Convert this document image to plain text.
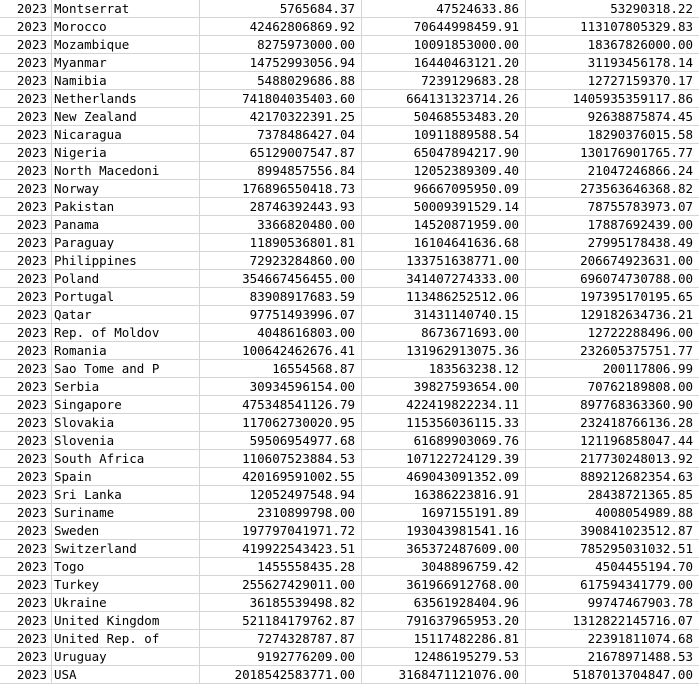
2023 Montserrat	5765684.37	47524633.86	53290318.22
2023 Morocco	42462806869.92	70644998459.91	113107805329.83
2023 Mozambique	8275973000.00	10091853000.00	18367826000.00
2023 Myanmar	14752993056.94	16440463121.20	31193456178.14
2023 Namibia	5488029686.88	7239129683.28	12727159370.17
2023 Netherlands	741804035403.60	664131323714.26	1405935359117.86
2023 New Zealand	42170322391.25	50468553483.20	92638875874.45
2023 Nicaragua	7378486427.04	10911889588.54	18290376015.58
2023 Nigeria	65129007547.87	65047894217.90	130176901765.77
2023 North Macedoni	8994857556.84	12052389309.40	21047246866.24
2023 Norway	176896550418.73	96667095950.09	273563646368.82
2023 Pakistan	28746392443.93	50009391529.14	78755783973.07
2023 Panama	3366820480.00	14520871959.00	17887692439.00
2023 Paraguay	11890536801.81	16104641636.68	27995178438.49
2023 Philippines	72923284860.00	133751638771.00	206674923631.00
2023 Poland	354667456455.00	341407274333.00	696074730788.00
2023 Portugal	83908917683.59	113486252512.06	197395170195.65
2023 Qatar	97751493996.07	31431140740.15	129182634736.21
2023 Rep. of Moldov	4048616803.00	8673671693.00	12722288496.00
2023 Romania	100642462676.41	131962913075.36	232605375751.77
2023 Sao Tome and P	16554568.87	183563238.12	200117806.99
2023 Serbia	30934596154.00	39827593654.00	70762189808.00
2023 Singapore	475348541126.79	422419822234.11	897768363360.90
2023 Slovakia	117062730020.95	115356036115.33	232418766136.28
2023 Slovenia	59506954977.68	61689903069.76	121196858047.44
2023 South Africa	110607523884.53	107122724129.39	217730248013.92
2023 Spain	420169591002.55	469043091352.09	889212682354.63
2023 Sri Lanka	12052497548.94	16386223816.91	28438721365.85
2023 Suriname	2310899798.00	1697155191.89	4008054989.88
2023 Sweden	197797041971.72	193043981541.16	390841023512.87
2023 Switzerland	419922543423.51	365372487609.00	785295031032.51
2023 Togo	1455558435.28	3048896759.42	4504455194.70
2023 Turkey	255627429011.00	361966912768.00	617594341779.00
2023 Ukraine	36185539498.82	63561928404.96	99747467903.78
2023 United Kingdom	521184179762.87	791637965953.20	1312822145716.07
2023 United Rep. of	7274328787.87	15117482286.81	22391811074.68
2023 Uruguay	9192776209.00	12486195279.53	21678971488.53
2023 USA	2018542583771.00	3168471121076.00	5187013704847.00
